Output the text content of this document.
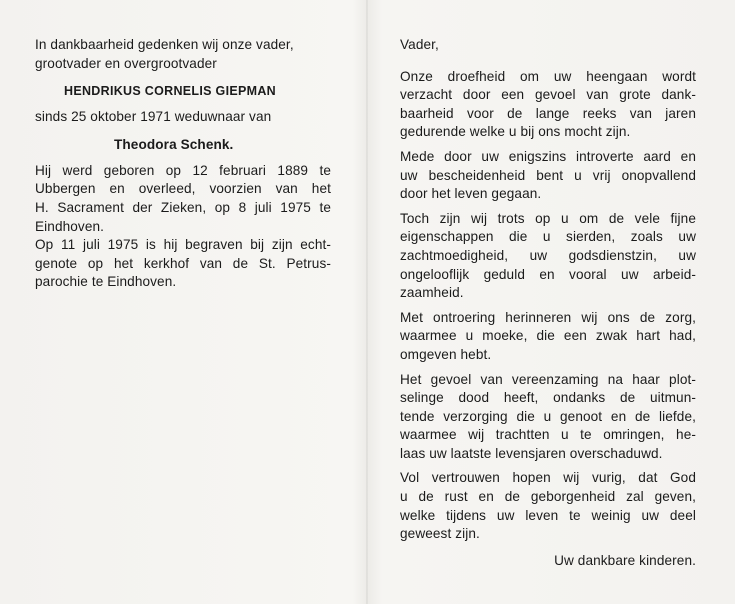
In dankbaarheid gedenken wij onze vader,
grootvader en overgrootvader

HENDRIKUS CORNELIS GIEPMAN
sinds 25 oktober 1971 weduwnaar van
Theodora Schenk.

Hij werd geboren op 12 februari 1889 te
Ubbergen en overleed, voorzien van het
H. Sacrament der Zieken, op 8 juli 1975 te
Eindhoven.

Op 11 juli 1975 is hij begraven bij zijn echt-
genote op het kerkhof van de St. Petrus-
parochie te Eindhoven.

Vader,

Onze droefheid om uw heengaan wordt
verzacht door een gevoel van grote dank-
baarheid voor de lange reeks van jaren
gedurende welke u bij ons mocht zijn.

Mede door uw enigszins introverte aard en
uw bescheidenheid bent u vrij onopvallend
door het leven gegaan.

Toch zijn wij trots op u om de vele fijne
eigenschappen die u sierden, zoals uw
zachtmoedigheid, uw godsdienstzin, uw
ongelooflijk geduld en vooral uw arbeid-
zaamheid.

Met ontroering herinneren wij ons de zorg,
waarmee u moeke, die een zwak hart had,
omgeven hebt.

Het gevoel van vereenzaming na haar plot-
selinge dood heeft, ondanks de uitmun-
tende verzorging die u genoot en de liefde,
waarmee wij trachtten u te omringen, he-
laas uw laatste levensjaren overschaduwd.

Vol vertrouwen hopen wij vurig, dat God
u de rust en de geborgenheid zal geven,
welke tijdens uw leven te weinig uw deel
geweest zijn.

Uw dankbare kinderen.
